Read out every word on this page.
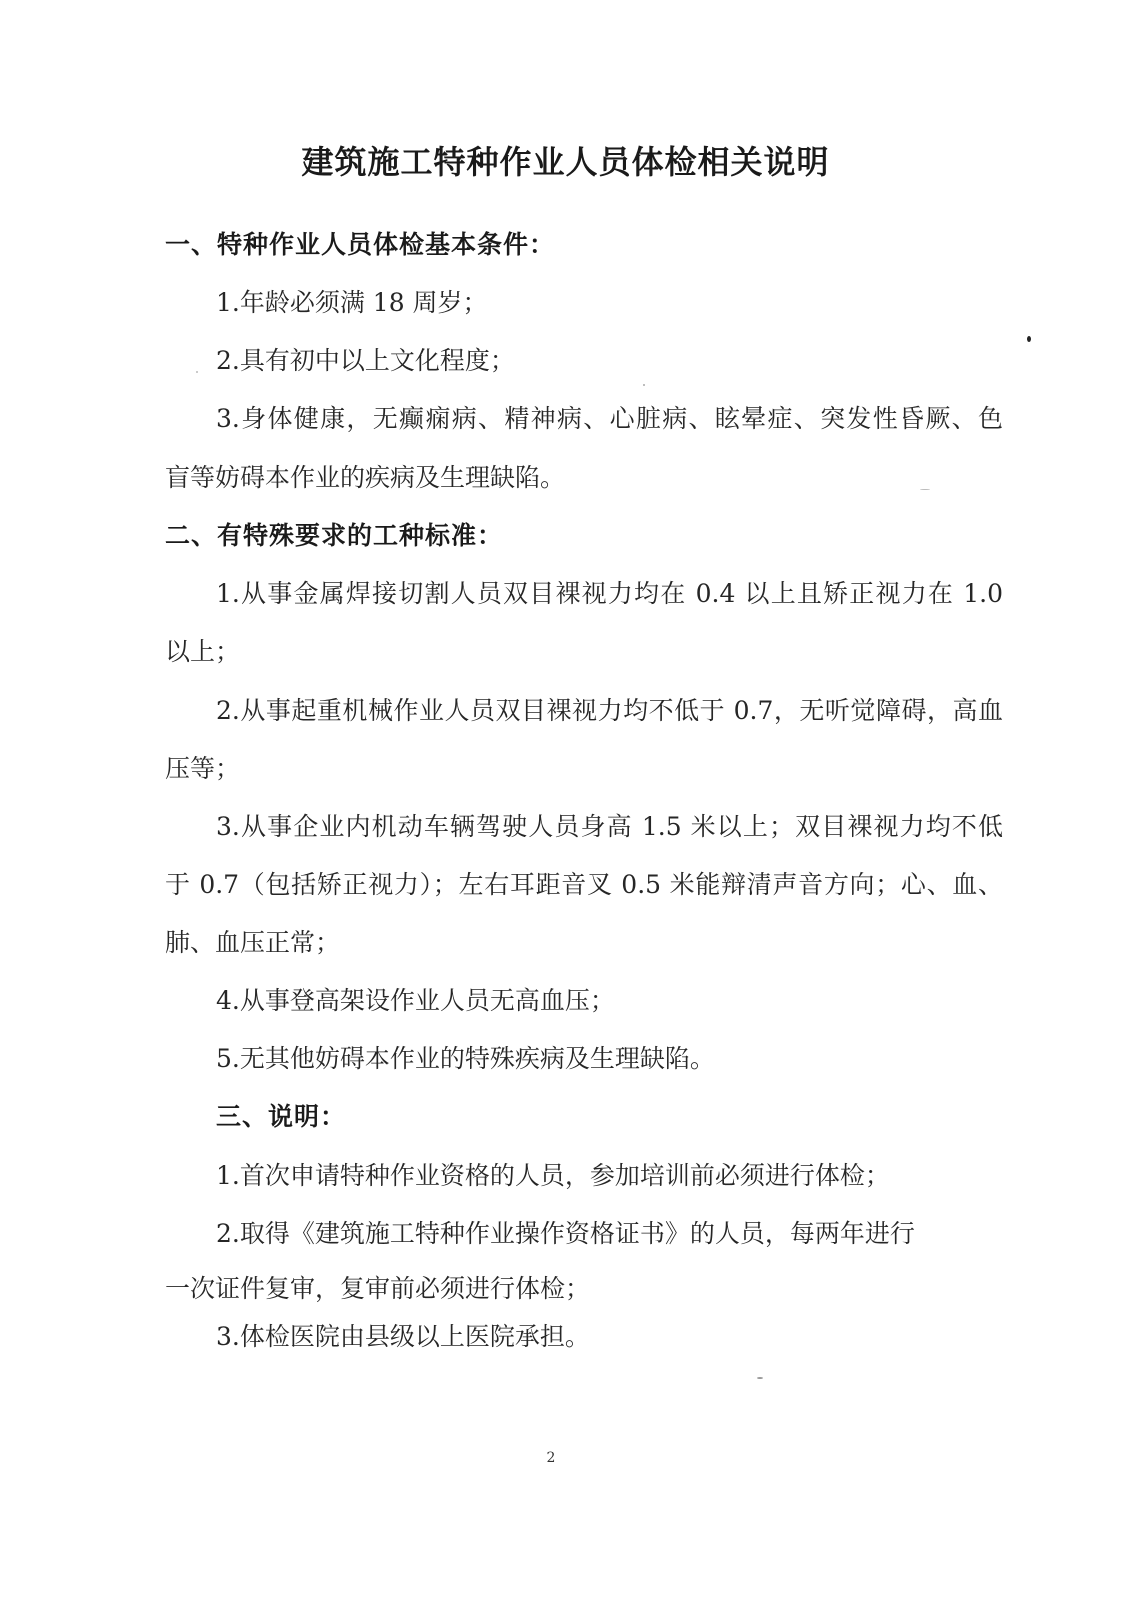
建筑施工特种作业人员体检相关说明
一、特种作业人员体检基本条件：
1.年龄必须满 18 周岁；
2.具有初中以上文化程度；
3.身体健康，无癫痫病、精神病、心脏病、眩晕症、突发性昏厥、色
盲等妨碍本作业的疾病及生理缺陷。
二、有特殊要求的工种标准：
1.从事金属焊接切割人员双目裸视力均在 0.4 以上且矫正视力在 1.0
以上；
2.从事起重机械作业人员双目裸视力均不低于 0.7，无听觉障碍，高血
压等；
3.从事企业内机动车辆驾驶人员身高 1.5 米以上；双目裸视力均不低
于 0.7（包括矫正视力）；左右耳距音叉 0.5 米能辩清声音方向；心、血、
肺、血压正常；
4.从事登高架设作业人员无高血压；
5.无其他妨碍本作业的特殊疾病及生理缺陷。
三、说明：
1.首次申请特种作业资格的人员，参加培训前必须进行体检；
2.取得《建筑施工特种作业操作资格证书》的人员，每两年进行
一次证件复审，复审前必须进行体检；
3.体检医院由县级以上医院承担。
2
